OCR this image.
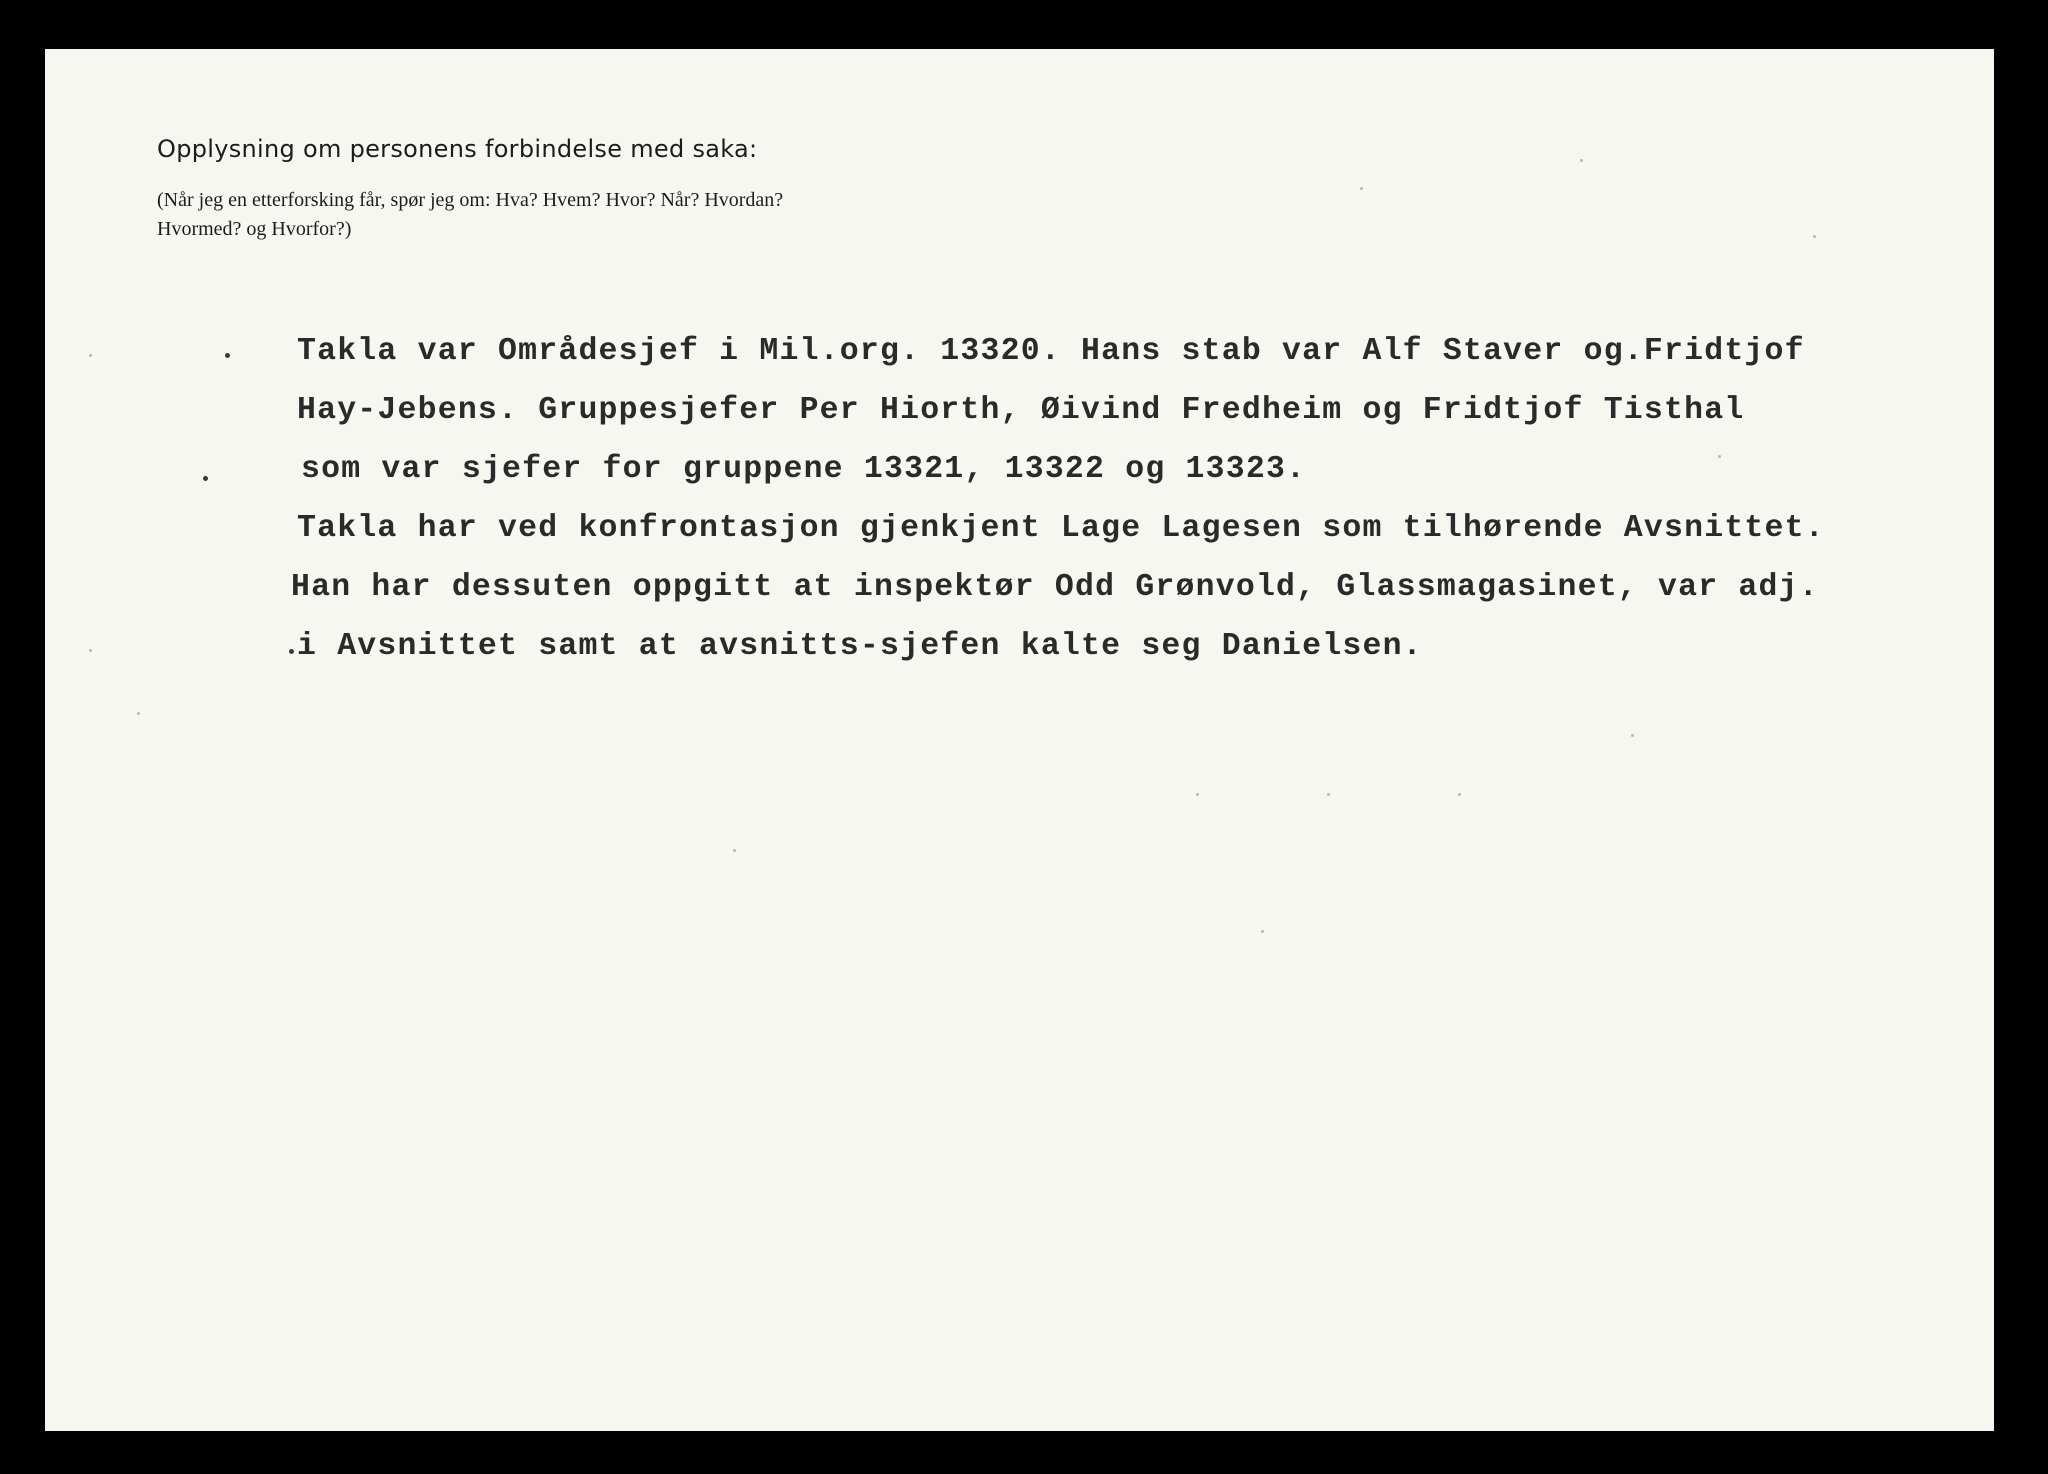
Opplysning om personens forbindelse med saka:
(Når jeg en etterforsking får, spør jeg om: Hva? Hvem? Hvor? Når? Hvordan?
Hvormed? og Hvorfor?)
Takla var Områdesjef i Mil.org. 13320. Hans stab var Alf Staver og.Fridtjof
Hay-Jebens. Gruppesjefer Per Hiorth, Øivind Fredheim og Fridtjof Tisthal
som var sjefer for gruppene 13321, 13322 og 13323.
Takla har ved konfrontasjon gjenkjent Lage Lagesen som tilhørende Avsnittet.
Han har dessuten oppgitt at inspektør Odd Grønvold, Glassmagasinet, var adj.
i Avsnittet samt at avsnitts-sjefen kalte seg Danielsen.
